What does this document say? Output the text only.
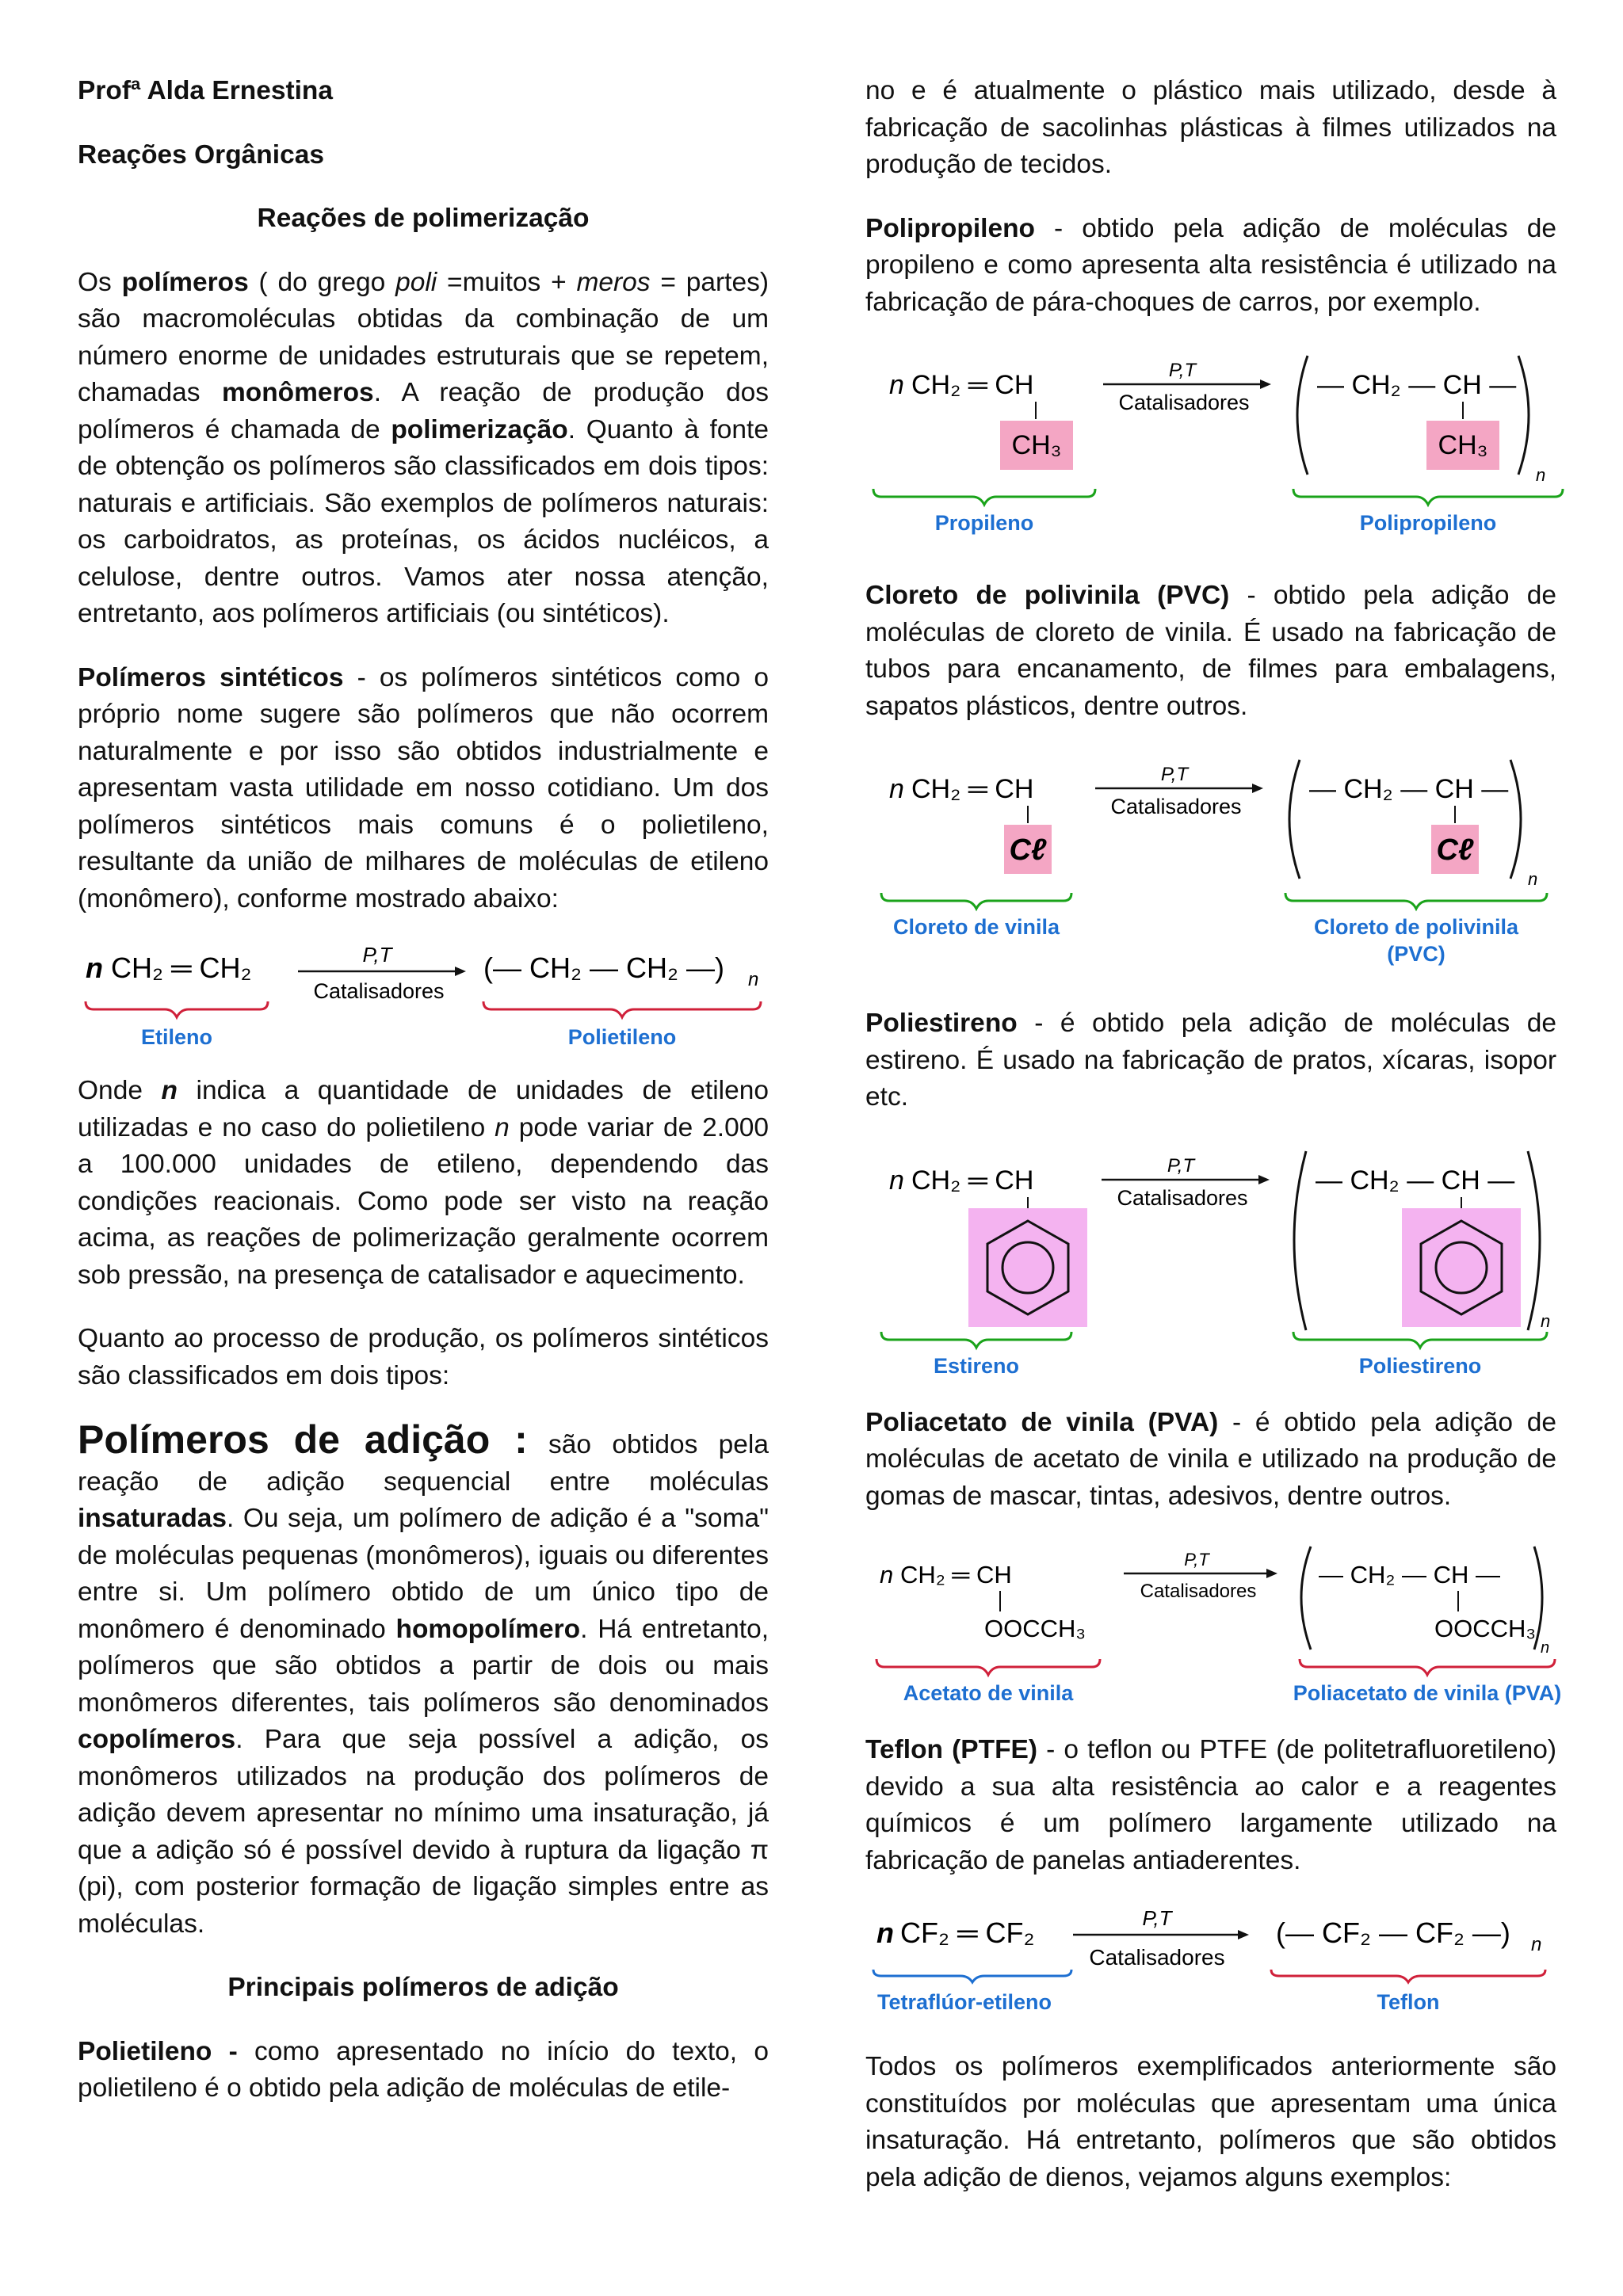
Profª Alda Ernestina

Reações Orgânicas

Reações de polimerização

Os polímeros ( do grego poli =muitos + meros = partes) são macromoléculas obtidas da combinação de um número enorme de unidades estruturais que se repetem, chamadas monômeros. A reação de produção dos polímeros é chamada de polimerização. Quanto à fonte de obtenção os polímeros são classificados em dois tipos: naturais e artificiais. São exemplos de polímeros naturais: os carboidratos, as proteínas, os ácidos nucléicos, a celulose, dentre outros. Vamos ater nossa atenção, entretanto, aos polímeros artificiais (ou sintéticos).

Polímeros sintéticos - os polímeros sintéticos como o próprio nome sugere são polímeros que não ocorrem naturalmente e por isso são obtidos industrialmente e apresentam vasta utilidade em nosso cotidiano. Um dos polímeros sintéticos mais comuns é o polietileno, resultante da união de milhares de moléculas de etileno (monômero), conforme mostrado abaixo:

n CH₂ ═ CH₂	P,T
Catalisadores
(— CH₂ — CH₂ —) n
Etileno	Polietileno

Onde n indica a quantidade de unidades de etileno utilizadas e no caso do polietileno n pode variar de 2.000 a 100.000 unidades de etileno, dependendo das condições reacionais. Como pode ser visto na reação acima, as reações de polimerização geralmente ocorrem sob pressão, na presença de catalisador e aquecimento.

Quanto ao processo de produção, os polímeros sintéticos são classificados em dois tipos:

Polímeros de adição : são obtidos pela reação de adição sequencial entre moléculas insaturadas. Ou seja, um polímero de adição é a "soma" de moléculas pequenas (monômeros), iguais ou diferentes entre si. Um polímero obtido de um único tipo de monômero é denominado homopolímero. Há entretanto, polímeros que são obtidos a partir de dois ou mais monômeros diferentes, tais polímeros são denominados copolímeros. Para que seja possível a adição, os monômeros utilizados na produção dos polímeros de adição devem apresentar no mínimo uma insaturação, já que a adição só é possível devido à ruptura da ligação π (pi), com posterior formação de ligação simples entre as moléculas.

Principais polímeros de adição

Polietileno - como apresentado no início do texto, o polietileno é o obtido pela adição de moléculas de etile-

no e é atualmente o plástico mais utilizado, desde à fabricação de sacolinhas plásticas à filmes utilizados na produção de tecidos.

Polipropileno - obtido pela adição de moléculas de propileno e como apresenta alta resistência é utilizado na fabricação de pára-choques de carros, por exemplo.

n CH₂ ═ CH
CH₃
P,T
Catalisadores
— CH₂ — CH —
CH₃
n
Propileno	Polipropileno

Cloreto de polivinila (PVC) - obtido pela adição de moléculas de cloreto de vinila. É usado na fabricação de tubos para encanamento, de filmes para embalagens, sapatos plásticos, dentre outros.

n CH₂ ═ CH
Cℓ
P,T
Catalisadores
— CH₂ — CH —
Cℓ
n
Cloreto de vinila	Cloreto de polivinila
(PVC)

Poliestireno - é obtido pela adição de moléculas de estireno. É usado na fabricação de pratos, xícaras, isopor etc.

n CH₂ ═ CH	P,T
Catalisadores
— CH₂ — CH —
n
Estireno	Poliestireno

Poliacetato de vinila (PVA) - é obtido pela adição de moléculas de acetato de vinila e utilizado na produção de gomas de mascar, tintas, adesivos, dentre outros.

n CH₂ ═ CH
OOCCH₃
P,T
Catalisadores
— CH₂ — CH —
OOCCH₃
n
Acetato de vinila	Poliacetato de vinila (PVA)

Teflon (PTFE) - o teflon ou PTFE (de politetrafluoretileno) devido a sua alta resistência ao calor e a reagentes químicos é um polímero largamente utilizado na fabricação de panelas antiaderentes.

n CF₂ ═ CF₂	P,T
Catalisadores
(— CF₂ — CF₂ —) n
Tetraflúor-etileno	Teflon

Todos os polímeros exemplificados anteriormente são constituídos por moléculas que apresentam uma única insaturação. Há entretanto, polímeros que são obtidos pela adição de dienos, vejamos alguns exemplos:
